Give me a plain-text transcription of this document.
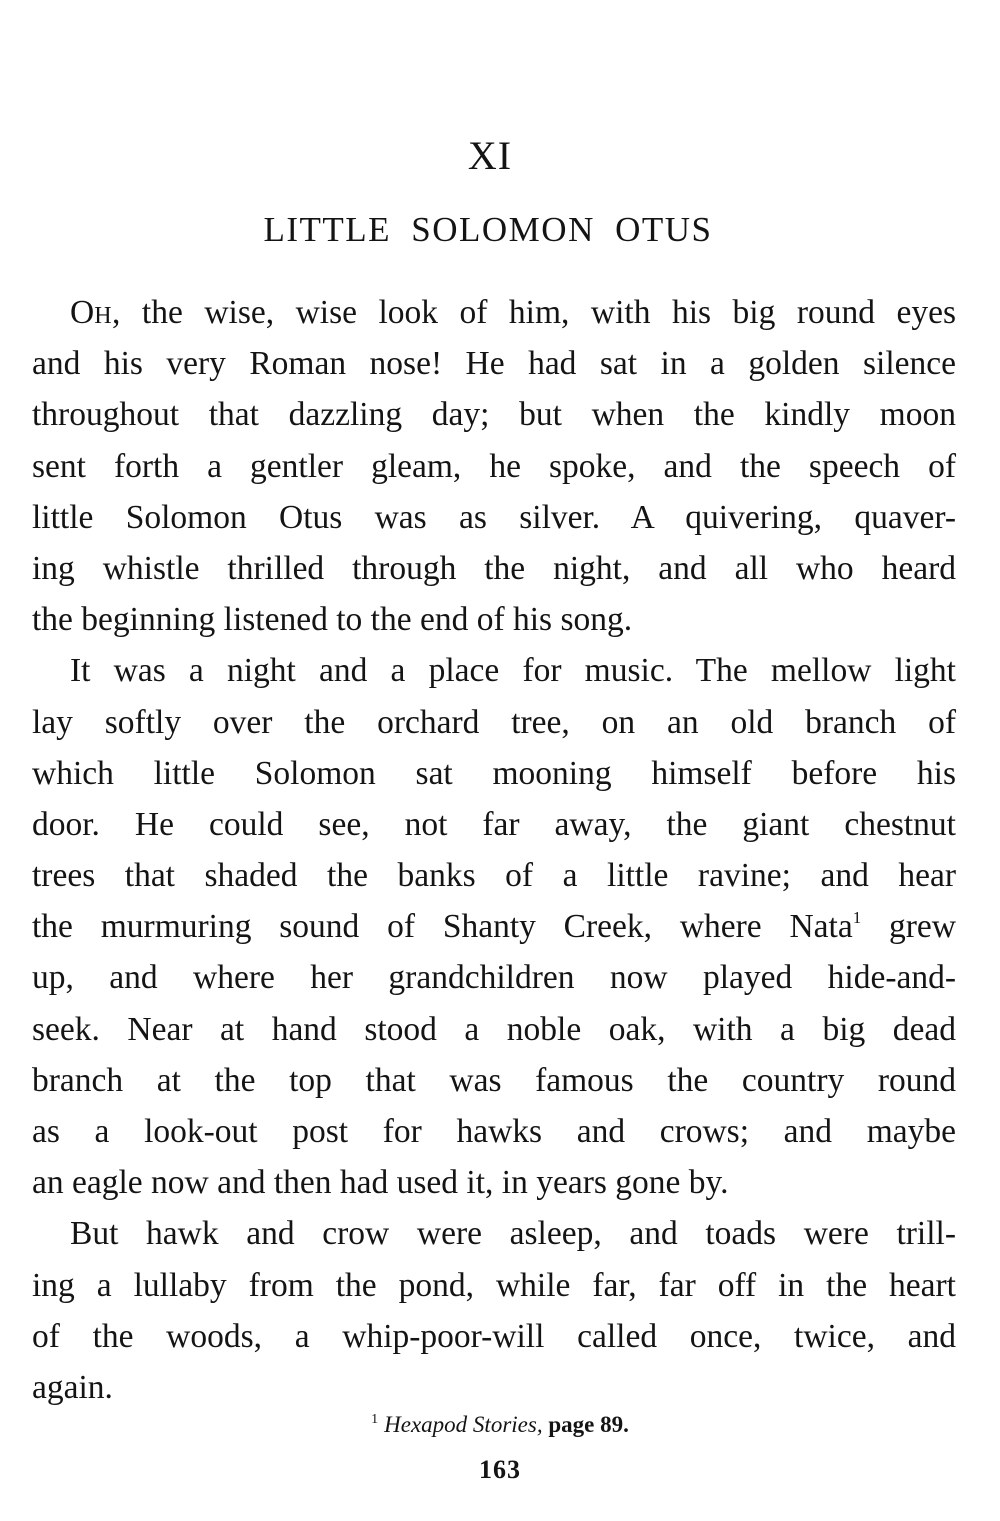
XI
LITTLE SOLOMON OTUS
OH, the wise, wise look of him, with his big round eyes
and his very Roman nose! He had sat in a golden silence
throughout that dazzling day; but when the kindly moon
sent forth a gentler gleam, he spoke, and the speech of
little Solomon Otus was as silver. A quivering, quaver-
ing whistle thrilled through the night, and all who heard
the beginning listened to the end of his song.
It was a night and a place for music. The mellow light
lay softly over the orchard tree, on an old branch of
which little Solomon sat mooning himself before his
door. He could see, not far away, the giant chestnut
trees that shaded the banks of a little ravine; and hear
the murmuring sound of Shanty Creek, where Nata$^1$ grew
up, and where her grandchildren now played hide-and-
seek. Near at hand stood a noble oak, with a big dead
branch at the top that was famous the country round
as a look-out post for hawks and crows; and maybe
an eagle now and then had used it, in years gone by.
But hawk and crow were asleep, and toads were trill-
ing a lullaby from the pond, while far, far off in the heart
of the woods, a whip-poor-will called once, twice, and
again.
$^1$ Hexapod Stories, page 89.
163
